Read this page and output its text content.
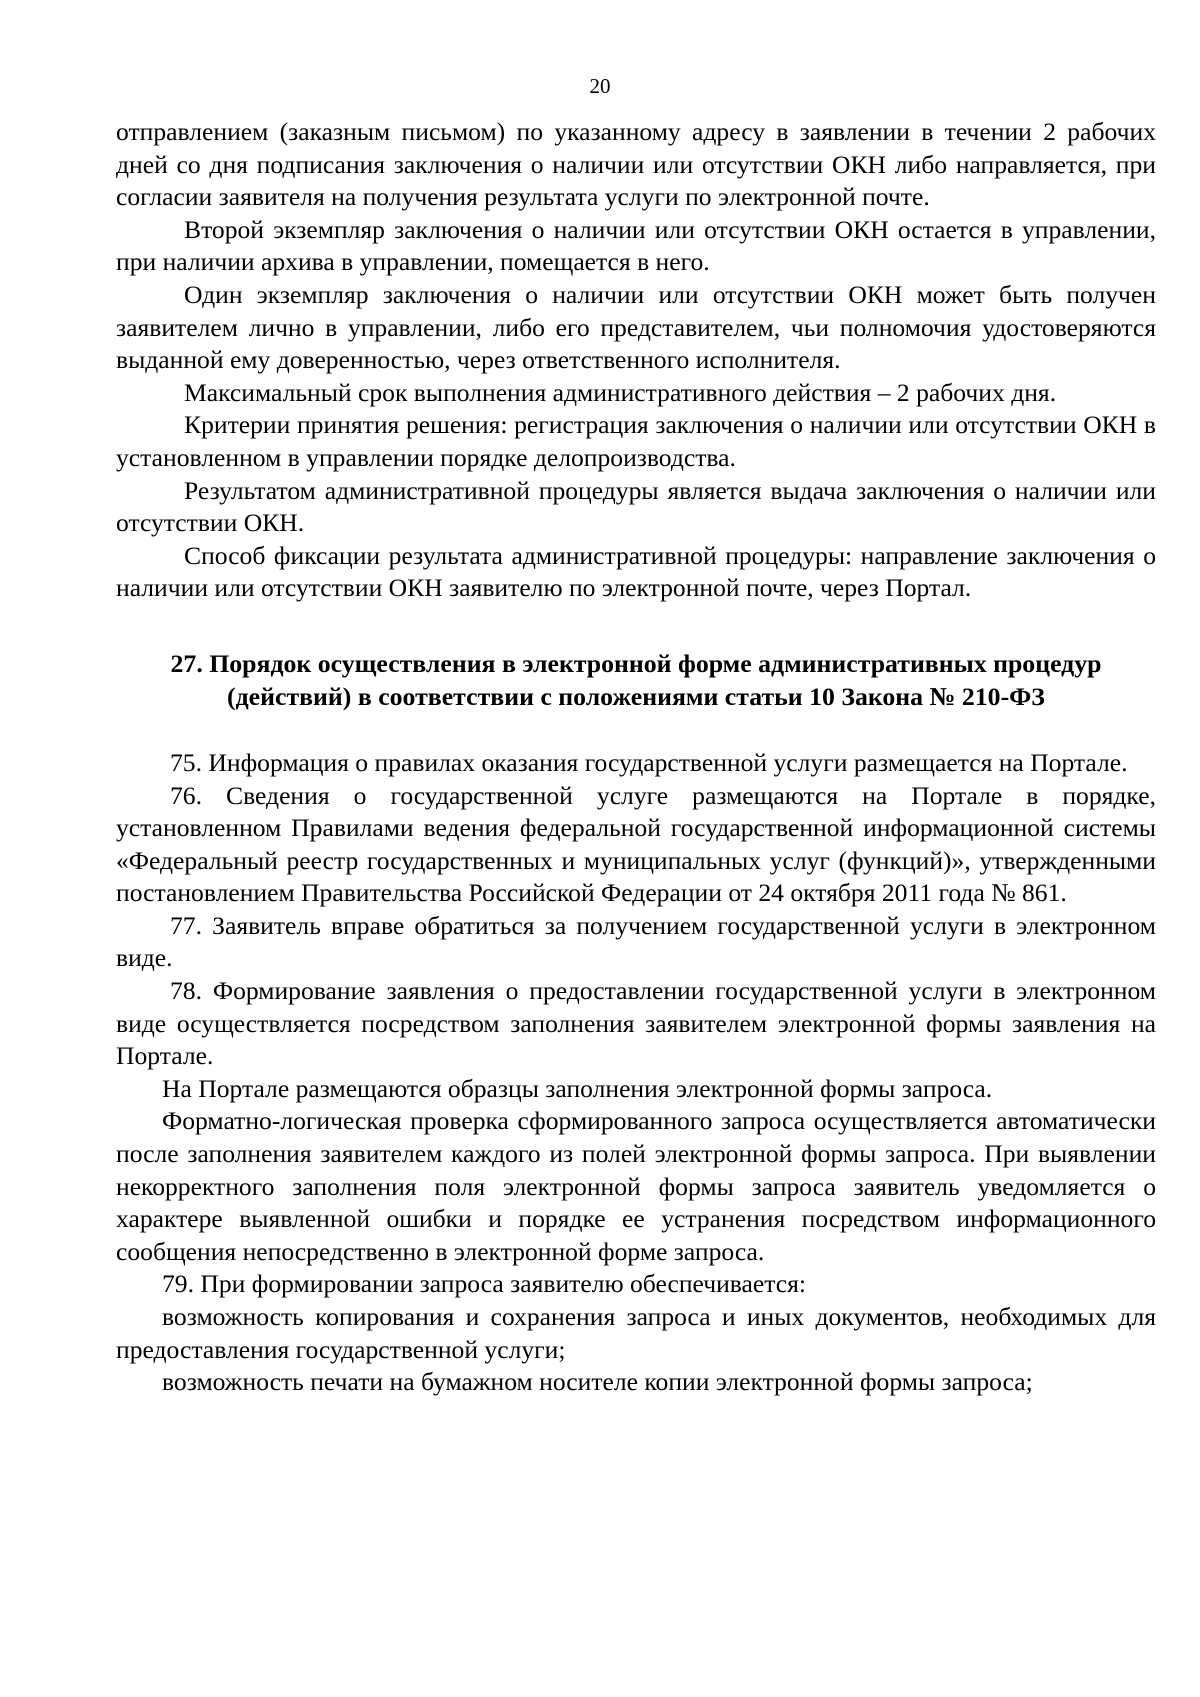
20

отправлением (заказным письмом) по указанному адресу в заявлении в течении 2 рабочих дней со дня подписания заключения о наличии или отсутствии ОКН либо направляется, при согласии заявителя на получения результата услуги по электронной почте.

Второй экземпляр заключения о наличии или отсутствии ОКН остается в управлении, при наличии архива в управлении, помещается в него.

Один экземпляр заключения о наличии или отсутствии ОКН может быть получен заявителем лично в управлении, либо его представителем, чьи полномочия удостоверяются выданной ему доверенностью, через ответственного исполнителя.

Максимальный срок выполнения административного действия – 2 рабочих дня.

Критерии принятия решения: регистрация заключения о наличии или отсутствии ОКН в установленном в управлении порядке делопроизводства.

Результатом административной процедуры является выдача заключения о наличии или отсутствии ОКН.

Способ фиксации результата административной процедуры: направление заключения о наличии или отсутствии ОКН заявителю по электронной почте, через Портал.

27. Порядок осуществления в электронной форме административных процедур
(действий) в соответствии с положениями статьи 10 Закона № 210-ФЗ

75. Информация о правилах оказания государственной услуги размещается на Портале.

76. Сведения о государственной услуге размещаются на Портале в порядке, установленном Правилами ведения федеральной государственной информационной системы «Федеральный реестр государственных и муниципальных услуг (функций)», утвержденными постановлением Правительства Российской Федерации от 24 октября 2011 года № 861.

77. Заявитель вправе обратиться за получением государственной услуги в электронном виде.

78. Формирование заявления о предоставлении государственной услуги в электронном виде осуществляется посредством заполнения заявителем электронной формы заявления на Портале.

На Портале размещаются образцы заполнения электронной формы запроса.

Форматно-логическая проверка сформированного запроса осуществляется автоматически после заполнения заявителем каждого из полей электронной формы запроса. При выявлении некорректного заполнения поля электронной формы запроса заявитель уведомляется о характере выявленной ошибки и порядке ее устранения посредством информационного сообщения непосредственно в электронной форме запроса.

79. При формировании запроса заявителю обеспечивается:

возможность копирования и сохранения запроса и иных документов, необходимых для предоставления государственной услуги;

возможность печати на бумажном носителе копии электронной формы запроса;
